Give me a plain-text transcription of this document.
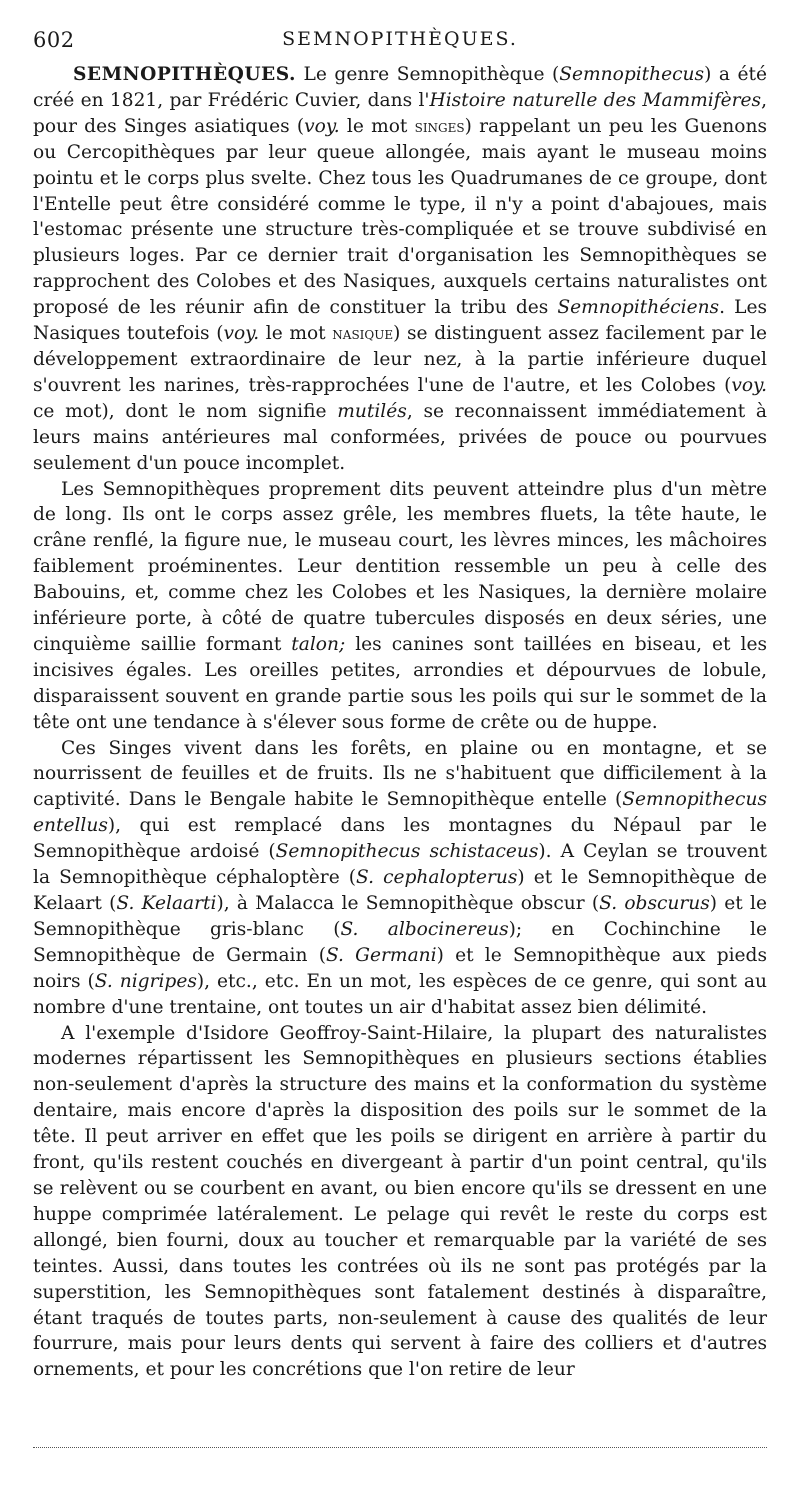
602	SEMNOPITHÈQUES.

SEMNOPITHÈQUES. Le genre Semnopithèque (Semnopithecus) a été créé en 1821, par Frédéric Cuvier, dans l'Histoire naturelle des Mammifères, pour des Singes asiatiques (voy. le mot singes) rappelant un peu les Guenons ou Cercopithèques par leur queue allongée, mais ayant le museau moins pointu et le corps plus svelte. Chez tous les Quadrumanes de ce groupe, dont l'Entelle peut être considéré comme le type, il n'y a point d'abajoues, mais l'estomac présente une structure très-compliquée et se trouve subdivisé en plusieurs loges. Par ce dernier trait d'organisation les Semnopithèques se rapprochent des Colobes et des Nasiques, auxquels certains naturalistes ont proposé de les réunir afin de constituer la tribu des Semnopithéciens. Les Nasiques toutefois (voy. le mot nasique) se distinguent assez facilement par le développement extraordinaire de leur nez, à la partie inférieure duquel s'ouvrent les narines, très-rapprochées l'une de l'autre, et les Colobes (voy. ce mot), dont le nom signifie mutilés, se reconnaissent immédiatement à leurs mains antérieures mal conformées, privées de pouce ou pourvues seulement d'un pouce incomplet.

Les Semnopithèques proprement dits peuvent atteindre plus d'un mètre de long. Ils ont le corps assez grêle, les membres fluets, la tête haute, le crâne renflé, la figure nue, le museau court, les lèvres minces, les mâchoires faiblement proéminentes. Leur dentition ressemble un peu à celle des Babouins, et, comme chez les Colobes et les Nasiques, la dernière molaire inférieure porte, à côté de quatre tubercules disposés en deux séries, une cinquième saillie formant talon; les canines sont taillées en biseau, et les incisives égales. Les oreilles petites, arrondies et dépourvues de lobule, disparaissent souvent en grande partie sous les poils qui sur le sommet de la tête ont une tendance à s'élever sous forme de crête ou de huppe.

Ces Singes vivent dans les forêts, en plaine ou en montagne, et se nourrissent de feuilles et de fruits. Ils ne s'habituent que difficilement à la captivité. Dans le Bengale habite le Semnopithèque entelle (Semnopithecus entellus), qui est remplacé dans les montagnes du Népaul par le Semnopithèque ardoisé (Semnopithecus schistaceus). A Ceylan se trouvent la Semnopithèque céphaloptère (S. cephalopterus) et le Semnopithèque de Kelaart (S. Kelaarti), à Malacca le Semnopithèque obscur (S. obscurus) et le Semnopithèque gris-blanc (S. albocinereus); en Cochinchine le Semnopithèque de Germain (S. Germani) et le Semnopithèque aux pieds noirs (S. nigripes), etc., etc. En un mot, les espèces de ce genre, qui sont au nombre d'une trentaine, ont toutes un air d'habitat assez bien délimité.

A l'exemple d'Isidore Geoffroy-Saint-Hilaire, la plupart des naturalistes modernes répartissent les Semnopithèques en plusieurs sections établies non-seulement d'après la structure des mains et la conformation du système dentaire, mais encore d'après la disposition des poils sur le sommet de la tête. Il peut arriver en effet que les poils se dirigent en arrière à partir du front, qu'ils restent couchés en divergeant à partir d'un point central, qu'ils se relèvent ou se courbent en avant, ou bien encore qu'ils se dressent en une huppe comprimée latéralement. Le pelage qui revêt le reste du corps est allongé, bien fourni, doux au toucher et remarquable par la variété de ses teintes. Aussi, dans toutes les contrées où ils ne sont pas protégés par la superstition, les Semnopithèques sont fatalement destinés à disparaître, étant traqués de toutes parts, non-seulement à cause des qualités de leur fourrure, mais pour leurs dents qui servent à faire des colliers et d'autres ornements, et pour les concrétions que l'on retire de leur
